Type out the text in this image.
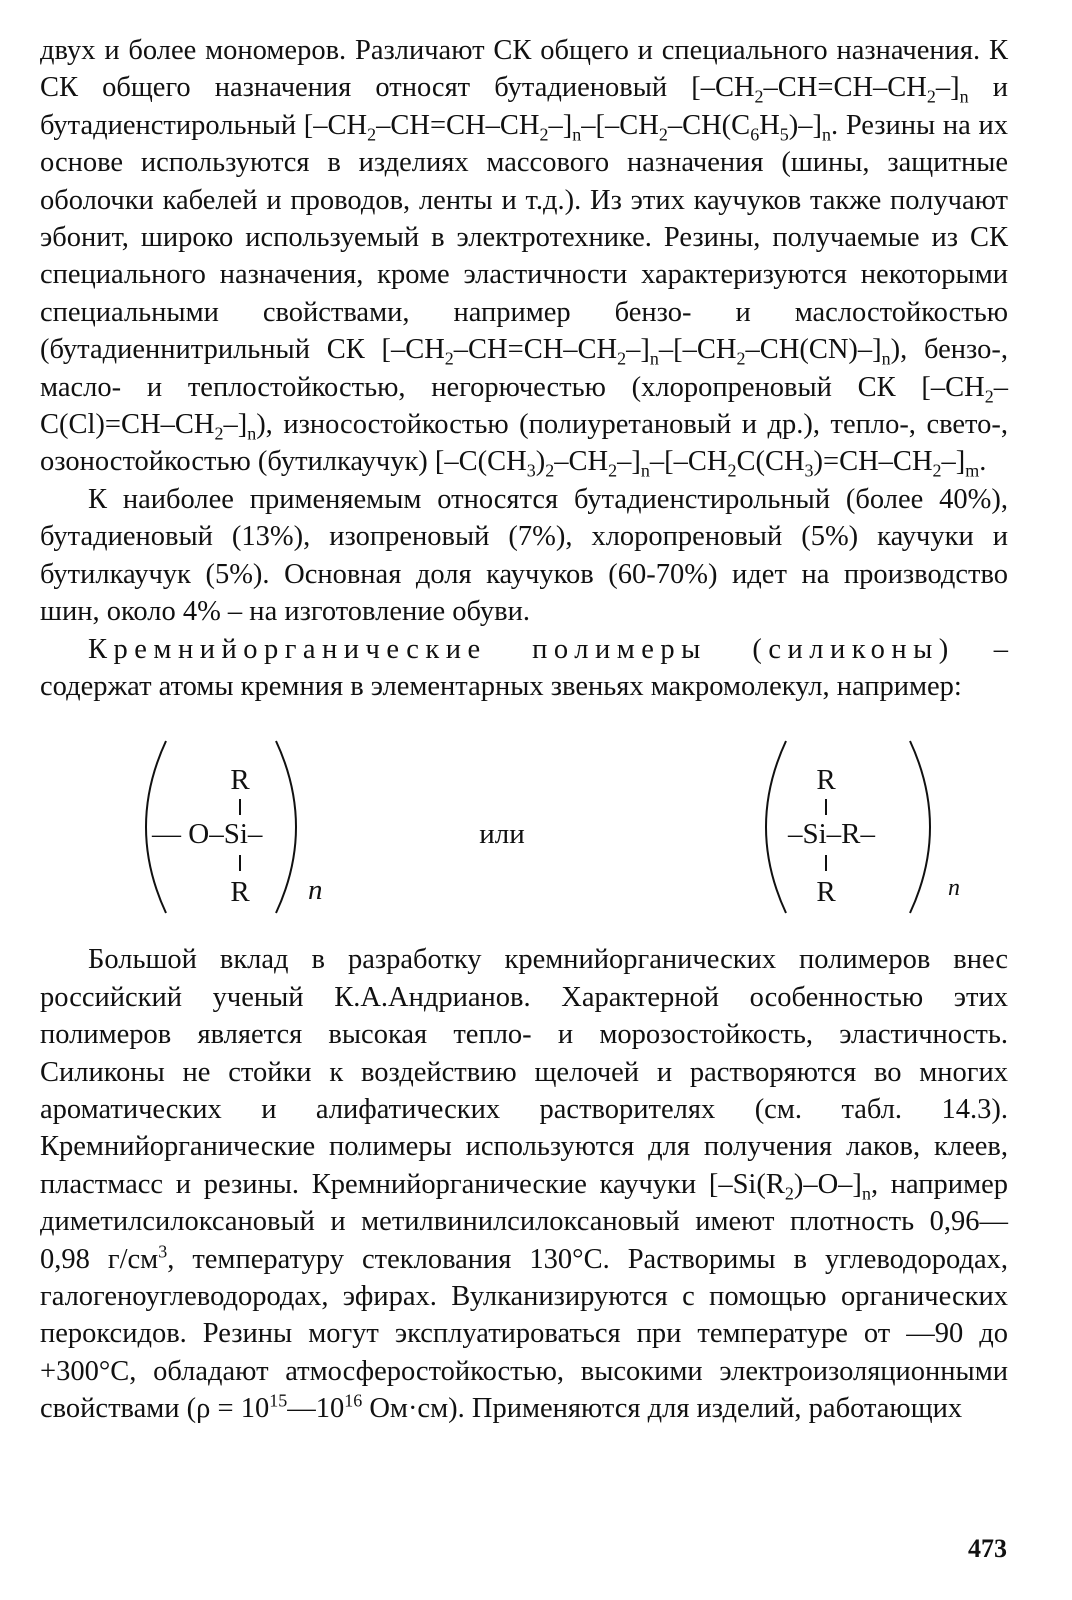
двух и более мономеров. Различают СК общего и специального назначения. К СК общего назначения относят бутадиеновый $[-CH_2-CH=CH-CH_2-]_n$ и бутадиенстирольный $[-CH_2-CH=CH-CH_2-]_n-[-CH_2-CH(C_6H_5)-]_n$. Резины на их основе используются в изделиях массового назначения (шины, защитные оболочки кабелей и проводов, ленты и т.д.). Из этих каучуков также получают эбонит, широко используемый в электротехнике. Резины, получаемые из СК специального назначения, кроме эластичности характеризуются некоторыми специальными свойствами, например бензо- и маслостойкостью (бутадиеннитрильный СК $[-CH_2-CH=CH-CH_2-]_n-[-CH_2-CH(CN)-]_n$), бензо-, масло- и теплостойкостью, негорючестью (хлоропреновый СК $[-CH_2-C(Cl)=CH-CH_2-]_n$), износостойкостью (полиуретановый и др.), тепло-, свето-, озоностойкостью (бутилкаучук) $[-C(CH_3)_2-CH_2-]_n-[-CH_2C(CH_3)=CH-CH_2-]_m$.

К наиболее применяемым относятся бутадиенстирольный (более 40%), бутадиеновый (13%), изопреновый (7%), хлоропреновый (5%) каучуки и бутилкаучук (5%). Основная доля каучуков (60-70%) идет на производство шин, около 4% – на изготовление обуви.

Кремнийорганические полимеры (силиконы) – содержат атомы кремния в элементарных звеньях макромолекул, например:

R
— O–Si–
R n
или
R
–Si–R–
R	n

Большой вклад в разработку кремнийорганических полимеров внес российский ученый К.А.Андрианов. Характерной особенностью этих полимеров является высокая тепло- и морозостойкость, эластичность. Силиконы не стойки к воздействию щелочей и растворяются во многих ароматических и алифатических растворителях (см. табл. 14.3). Кремнийорганические полимеры используются для получения лаков, клеев, пластмасс и резины. Кремнийорганические каучуки $[-Si(R_2)-O-]_n$, например диметилсилоксановый и метилвинилсилоксановый имеют плотность 0,96—0,98 $г/см^3$, температуру стеклования 130°С. Растворимы в углеводородах, галогеноуглеводородах, эфирах. Вулканизируются с помощью органических пероксидов. Резины могут эксплуатироваться при температуре от —90 до +300°С, обладают атмосферостойкостью, высокими электроизоляционными свойствами ($\rho = 10^{15}—10^{16}$ Ом·см). Применяются для изделий, работающих

473
